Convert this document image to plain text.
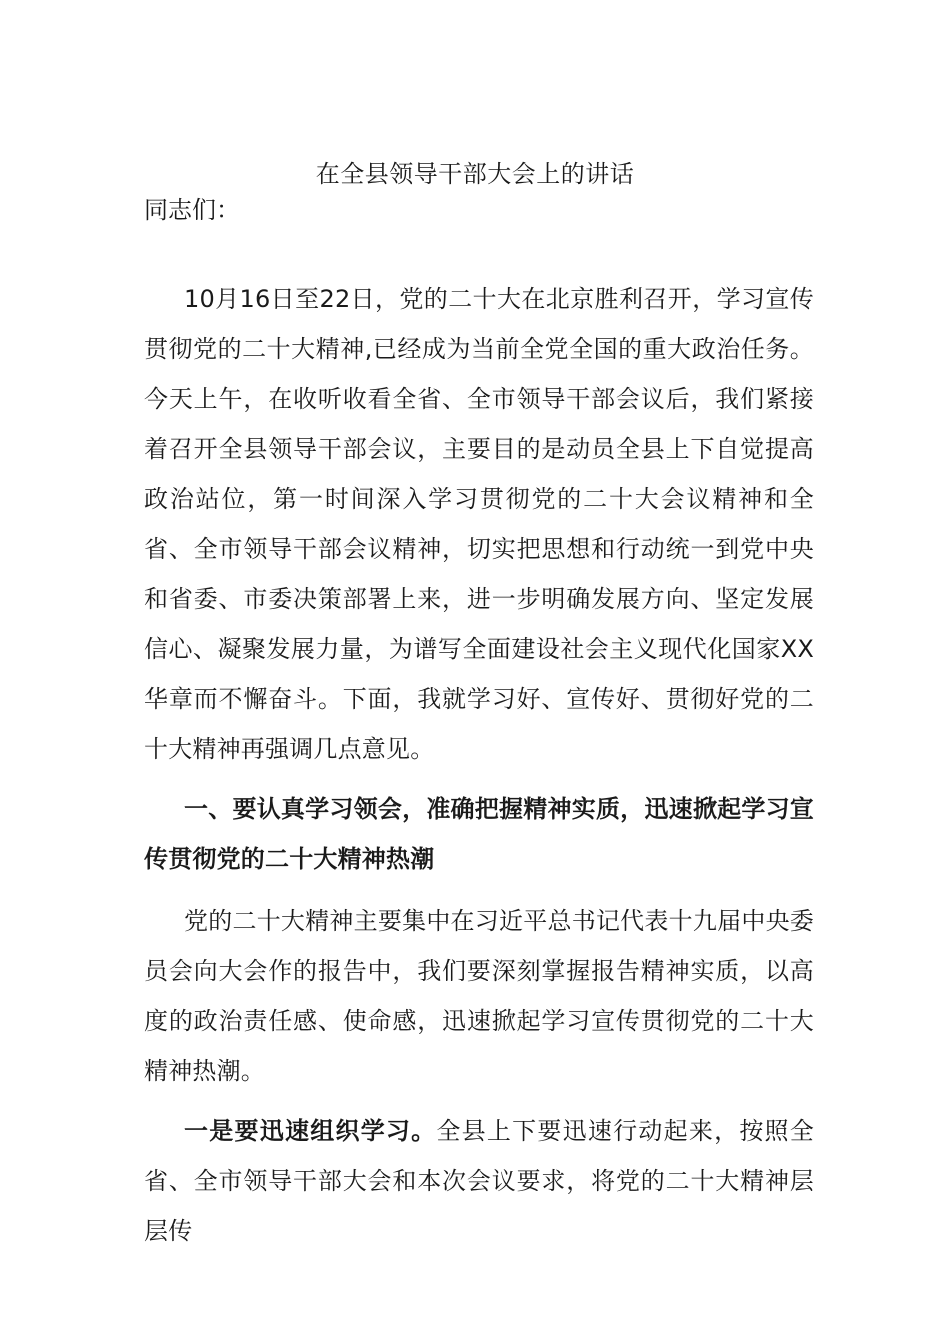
在全县领导干部大会上的讲话
同志们：

10月16日至22日，党的二十大在北京胜利召开，学习宣传贯彻党的二十大精神,已经成为当前全党全国的重大政治任务。今天上午，在收听收看全省、全市领导干部会议后，我们紧接着召开全县领导干部会议，主要目的是动员全县上下自觉提高政治站位，第一时间深入学习贯彻党的二十大会议精神和全省、全市领导干部会议精神，切实把思想和行动统一到党中央和省委、市委决策部署上来，进一步明确发展方向、坚定发展信心、凝聚发展力量，为谱写全面建设社会主义现代化国家XX华章而不懈奋斗。下面，我就学习好、宣传好、贯彻好党的二十大精神再强调几点意见。

一、要认真学习领会，准确把握精神实质，迅速掀起学习宣传贯彻党的二十大精神热潮

党的二十大精神主要集中在习近平总书记代表十九届中央委员会向大会作的报告中，我们要深刻掌握报告精神实质，以高度的政治责任感、使命感，迅速掀起学习宣传贯彻党的二十大精神热潮。

一是要迅速组织学习。全县上下要迅速行动起来，按照全省、全市领导干部大会和本次会议要求，将党的二十大精神层层传
